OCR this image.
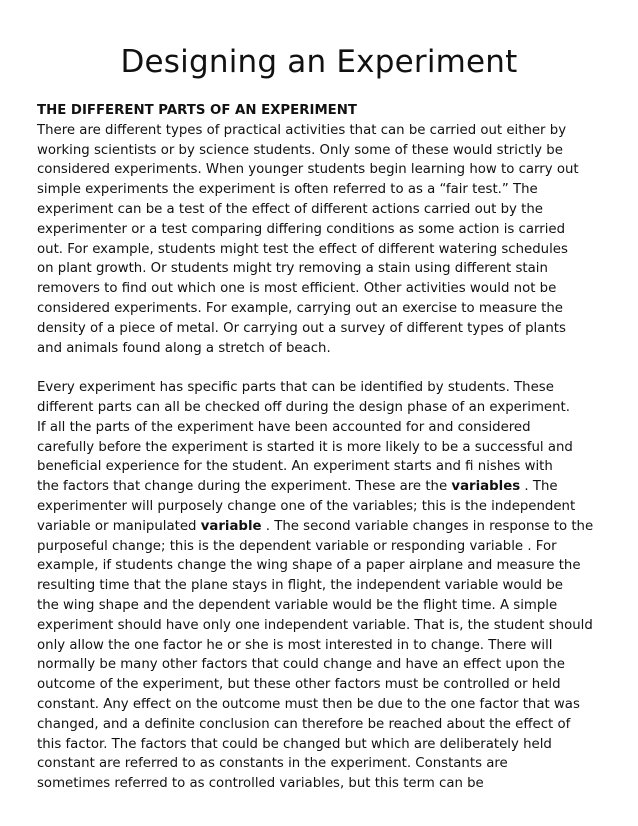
Designing an Experiment
THE DIFFERENT PARTS OF AN EXPERIMENT
There are different types of practical activities that can be carried out either by
working scientists or by science students. Only some of these would strictly be
considered experiments. When younger students begin learning how to carry out
simple experiments the experiment is often referred to as a “fair test.” The
experiment can be a test of the effect of different actions carried out by the
experimenter or a test comparing differing conditions as some action is carried
out. For example, students might test the effect of different watering schedules
on plant growth. Or students might try removing a stain using different stain
removers to find out which one is most efficient. Other activities would not be
considered experiments. For example, carrying out an exercise to measure the
density of a piece of metal. Or carrying out a survey of different types of plants
and animals found along a stretch of beach.
Every experiment has specific parts that can be identified by students. These
different parts can all be checked off during the design phase of an experiment.
If all the parts of the experiment have been accounted for and considered
carefully before the experiment is started it is more likely to be a successful and
beneficial experience for the student. An experiment starts and fi nishes with
the factors that change during the experiment. These are the variables . The
experimenter will purposely change one of the variables; this is the independent
variable or manipulated variable . The second variable changes in response to the
purposeful change; this is the dependent variable or responding variable . For
example, if students change the wing shape of a paper airplane and measure the
resulting time that the plane stays in flight, the independent variable would be
the wing shape and the dependent variable would be the flight time. A simple
experiment should have only one independent variable. That is, the student should
only allow the one factor he or she is most interested in to change. There will
normally be many other factors that could change and have an effect upon the
outcome of the experiment, but these other factors must be controlled or held
constant. Any effect on the outcome must then be due to the one factor that was
changed, and a definite conclusion can therefore be reached about the effect of
this factor. The factors that could be changed but which are deliberately held
constant are referred to as constants in the experiment. Constants are
sometimes referred to as controlled variables, but this term can be
